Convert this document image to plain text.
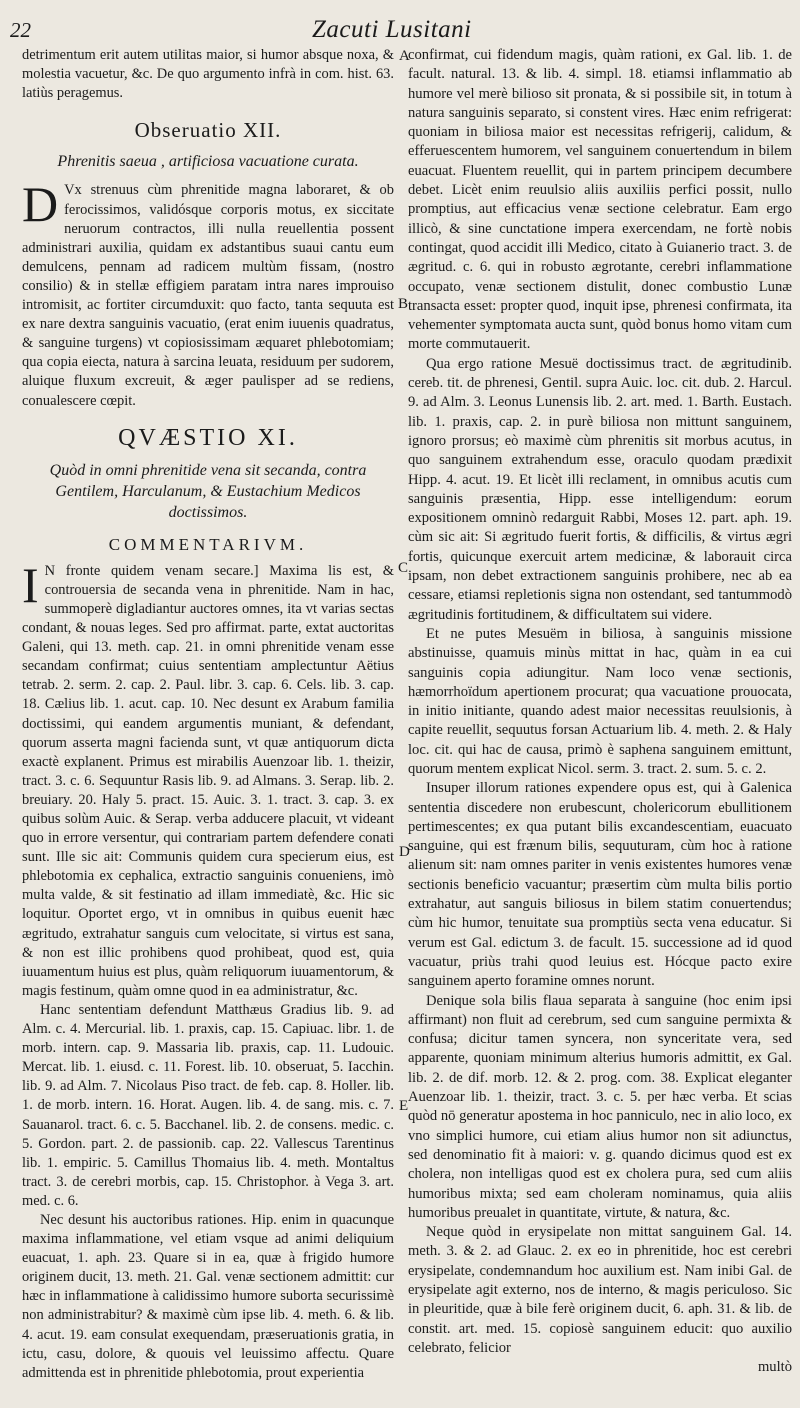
22	Zacuti Lusitani
A
B
C
D
E

detrimentum erit autem utilitas maior, si humor absque noxa, & molestia vacuetur, &c. De quo argumento infrà in com. hist. 63. latiùs peragemus.

Obseruatio XII.
Phrenitis saeua , artificiosa vacuatione curata.

D Vx strenuus cùm phrenitide magna laboraret, & ob ferocissimos, validósque corporis motus, ex siccitate neruorum contractos, illi nulla reuellentia possent administrari auxilia, quidam ex adstantibus suaui cantu eum demulcens, pennam ad radicem multùm fissam, (nostro consilio) & in stellæ effigiem paratam intra nares improuiso intromisit, ac fortiter circumduxit: quo facto, tanta sequuta est ex nare dextra sanguinis vacuatio, (erat enim iuuenis quadratus, & sanguine turgens) vt copiosissimam æquaret phlebotomiam; qua copia eiecta, natura à sarcina leuata, residuum per sudorem, aluique fluxum excreuit, & æger paulisper ad se rediens, conualescere cœpit.

QVÆSTIO XI.
Quòd in omni phrenitide vena sit secanda, contra Gentilem, Harculanum, & Eustachium Medicos doctissimos.
COMMENTARIVM.

I N fronte quidem venam secare.] Maxima lis est, & controuersia de secanda vena in phrenitide. Nam in hac, summoperè digladiantur auctores omnes, ita vt varias sectas condant, & nouas leges. Sed pro affirmat. parte, extat auctoritas Galeni, qui 13. meth. cap. 21. in omni phrenitide venam esse secandam confirmat; cuius sententiam amplectuntur Aëtius tetrab. 2. serm. 2. cap. 2. Paul. libr. 3. cap. 6. Cels. lib. 3. cap. 18. Cælius lib. 1. acut. cap. 10. Nec desunt ex Arabum familia doctissimi, qui eandem argumentis muniant, & defendant, quorum asserta magni facienda sunt, vt quæ antiquorum dicta exactè explanent. Primus est mirabilis Auenzoar lib. 1. theizir, tract. 3. c. 6. Sequuntur Rasis lib. 9. ad Almans. 3. Serap. lib. 2. breuiary. 20. Haly 5. pract. 15. Auic. 3. 1. tract. 3. cap. 3. ex quibus solùm Auic. & Serap. verba adducere placuit, vt videant quo in errore versentur, qui contrariam partem defendere conati sunt. Ille sic ait: Communis quidem cura specierum eius, est phlebotomia ex cephalica, extractio sanguinis conueniens, imò multa valde, & sit festinatio ad illam immediatè, &c. Hic sic loquitur. Oportet ergo, vt in omnibus in quibus euenit hæc ægritudo, extrahatur sanguis cum velocitate, si virtus est sana, & non est illic prohibens quod prohibeat, quod est, quia iuuamentum huius est plus, quàm reliquorum iuuamentorum, & magis festinum, quàm omne quod in ea administratur, &c.

Hanc sententiam defendunt Matthæus Gradius lib. 9. ad Alm. c. 4. Mercurial. lib. 1. praxis, cap. 15. Capiuac. libr. 1. de morb. intern. cap. 9. Massaria lib. praxis, cap. 11. Ludouic. Mercat. lib. 1. eiusd. c. 11. Forest. lib. 10. obseruat, 5. Iacchin. lib. 9. ad Alm. 7. Nicolaus Piso tract. de feb. cap. 8. Holler. lib. 1. de morb. intern. 16. Horat. Augen. lib. 4. de sang. mis. c. 7. Sauanarol. tract. 6. c. 5. Bacchanel. lib. 2. de consens. medic. c. 5. Gordon. part. 2. de passionib. cap. 22. Vallescus Tarentinus lib. 1. empiric. 5. Camillus Thomaius lib. 4. meth. Montaltus tract. 3. de cerebri morbis, cap. 15. Christophor. à Vega 3. art. med. c. 6.

Nec desunt his auctoribus rationes. Hip. enim in quacunque maxima inflammatione, vel etiam vsque ad animi deliquium euacuat, 1. aph. 23. Quare si in ea, quæ à frigido humore originem ducit, 13. meth. 21. Gal. venæ sectionem admittit: cur hæc in inflammatione à calidissimo humore suborta securissimè non administrabitur? & maximè cùm ipse lib. 4. meth. 6. & lib. 4. acut. 19. eam consulat exequendam, præseruationis gratia, in ictu, casu, dolore, & quouis vel leuissimo affectu. Quare admittenda est in phrenitide phlebotomia, prout experientia

confirmat, cui fidendum magis, quàm rationi, ex Gal. lib. 1. de facult. natural. 13. & lib. 4. simpl. 18. etiamsi inflammatio ab humore vel merè bilioso sit pronata, & si possibile sit, in totum à natura sanguinis separato, si constent vires. Hæc enim refrigerat: quoniam in biliosa maior est necessitas refrigerij, calidum, & efferuescentem humorem, vel sanguinem conuertendum in bilem euacuat. Fluentem reuellit, qui in partem principem decumbere debet. Licèt enim reuulsio aliis auxiliis perfici possit, nullo promptius, aut efficacius venæ sectione celebratur. Eam ergo illicò, & sine cunctatione impera exercendam, ne fortè nobis contingat, quod accidit illi Medico, citato à Guianerio tract. 3. de ægritud. c. 6. qui in robusto ægrotante, cerebri inflammatione occupato, venæ sectionem distulit, donec combustio Lunæ transacta esset: propter quod, inquit ipse, phrenesi confirmata, ita vehementer symptomata aucta sunt, quòd bonus homo vitam cum morte commutauerit.

Qua ergo ratione Mesuë doctissimus tract. de ægritudinib. cereb. tit. de phrenesi, Gentil. supra Auic. loc. cit. dub. 2. Harcul. 9. ad Alm. 3. Leonus Lunensis lib. 2. art. med. 1. Barth. Eustach. lib. 1. praxis, cap. 2. in purè biliosa non mittunt sanguinem, ignoro prorsus; eò maximè cùm phrenitis sit morbus acutus, in quo sanguinem extrahendum esse, oraculo quodam prædixit Hipp. 4. acut. 19. Et licèt illi reclament, in omnibus acutis cum sanguinis præsentia, Hipp. esse intelligendum: eorum expositionem omninò redarguit Rabbi, Moses 12. part. aph. 19. cùm sic ait: Si ægritudo fuerit fortis, & difficilis, & virtus ægri fortis, quicunque exercuit artem medicinæ, & laborauit circa ipsam, non debet extractionem sanguinis prohibere, nec ab ea cessare, etiamsi repletionis signa non ostendant, sed tantummodò ægritudinis fortitudinem, & difficultatem sui videre.

Et ne putes Mesuëm in biliosa, à sanguinis missione abstinuisse, quamuis minùs mittat in hac, quàm in ea cui sanguinis copia adiungitur. Nam loco venæ sectionis, hæmorrhoïdum apertionem procurat; qua vacuatione prouocata, in initio initiante, quando adest maior necessitas reuulsionis, à capite reuellit, sequutus forsan Actuarium lib. 4. meth. 2. & Haly loc. cit. qui hac de causa, primò è saphena sanguinem emittunt, quorum mentem explicat Nicol. serm. 3. tract. 2. sum. 5. c. 2.

Insuper illorum rationes expendere opus est, qui à Galenica sententia discedere non erubescunt, cholericorum ebullitionem pertimescentes; ex qua putant bilis excandescentiam, euacuato sanguine, qui est frænum bilis, sequuturam, cùm hoc à ratione alienum sit: nam omnes pariter in venis existentes humores venæ sectionis beneficio vacuantur; præsertim cùm multa bilis portio extrahatur, aut sanguis biliosus in bilem statim conuertendus; cùm hic humor, tenuitate sua promptiùs secta vena educatur. Si verum est Gal. edictum 3. de facult. 15. successione ad id quod vacuatur, priùs trahi quod leuius est. Hócque pacto exire sanguinem aperto foramine omnes norunt.

Denique sola bilis flaua separata à sanguine (hoc enim ipsi affirmant) non fluit ad cerebrum, sed cum sanguine permixta & confusa; dicitur tamen syncera, non synceritate vera, sed apparente, quoniam minimum alterius humoris admittit, ex Gal. lib. 2. de dif. morb. 12. & 2. prog. com. 38. Explicat eleganter Auenzoar lib. 1. theizir, tract. 3. c. 5. per hæc verba. Et scias quòd nō generatur apostema in hoc panniculo, nec in alio loco, ex vno simplici humore, cui etiam alius humor non sit adiunctus, sed denominatio fit à maiori: v. g. quando dicimus quod est ex cholera, non intelligas quod est ex cholera pura, sed cum aliis humoribus mixta; sed eam choleram nominamus, quia aliis humoribus preualet in quantitate, virtute, & natura, &c.

Neque quòd in erysipelate non mittat sanguinem Gal. 14. meth. 3. & 2. ad Glauc. 2. ex eo in phrenitide, hoc est cerebri erysipelate, condemnandum hoc auxilium est. Nam inibi Gal. de erysipelate agit externo, nos de interno, & magis periculoso. Sic in pleuritide, quæ à bile ferè originem ducit, 6. aph. 31. & lib. de constit. art. med. 15. copiosè sanguinem educit: quo auxilio celebrato, felicior

multò
